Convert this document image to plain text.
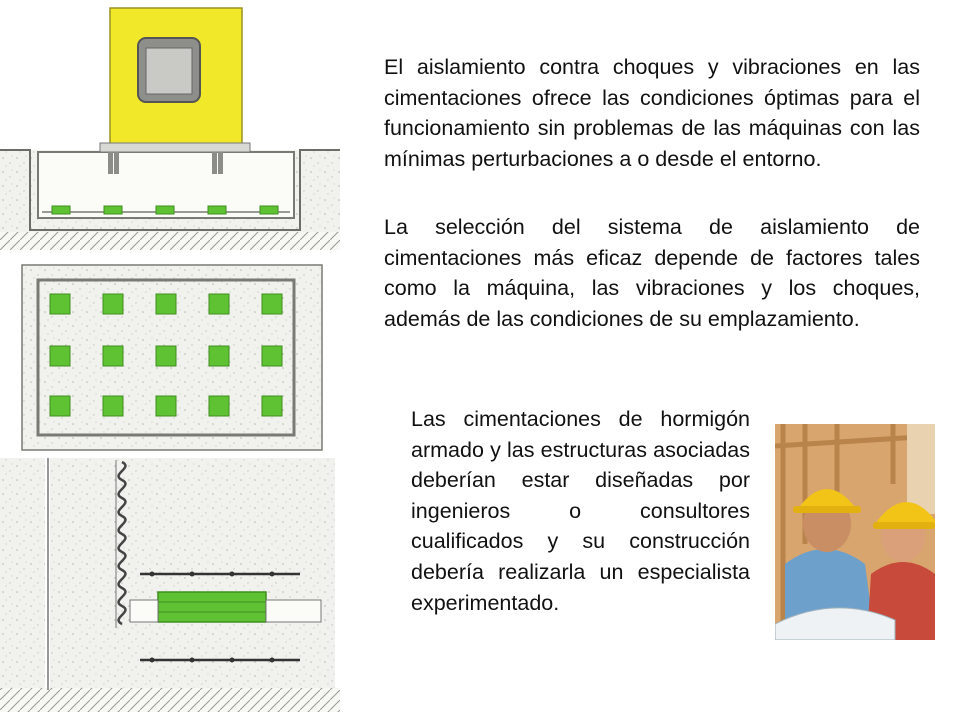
El aislamiento contra choques y vibraciones en las cimentaciones ofrece las condiciones óptimas para el funcionamiento sin problemas de las máquinas con las mínimas perturbaciones a o desde el entorno.

La selección del sistema de aislamiento de cimentaciones más eficaz depende de factores tales como la máquina, las vibraciones y los choques, además de las condiciones de su emplazamiento.

Las cimentaciones de hormigón armado y las estructuras asociadas deberían estar diseñadas por ingenieros o consultores cualificados y su construcción debería realizarla un especialista experimentado.
